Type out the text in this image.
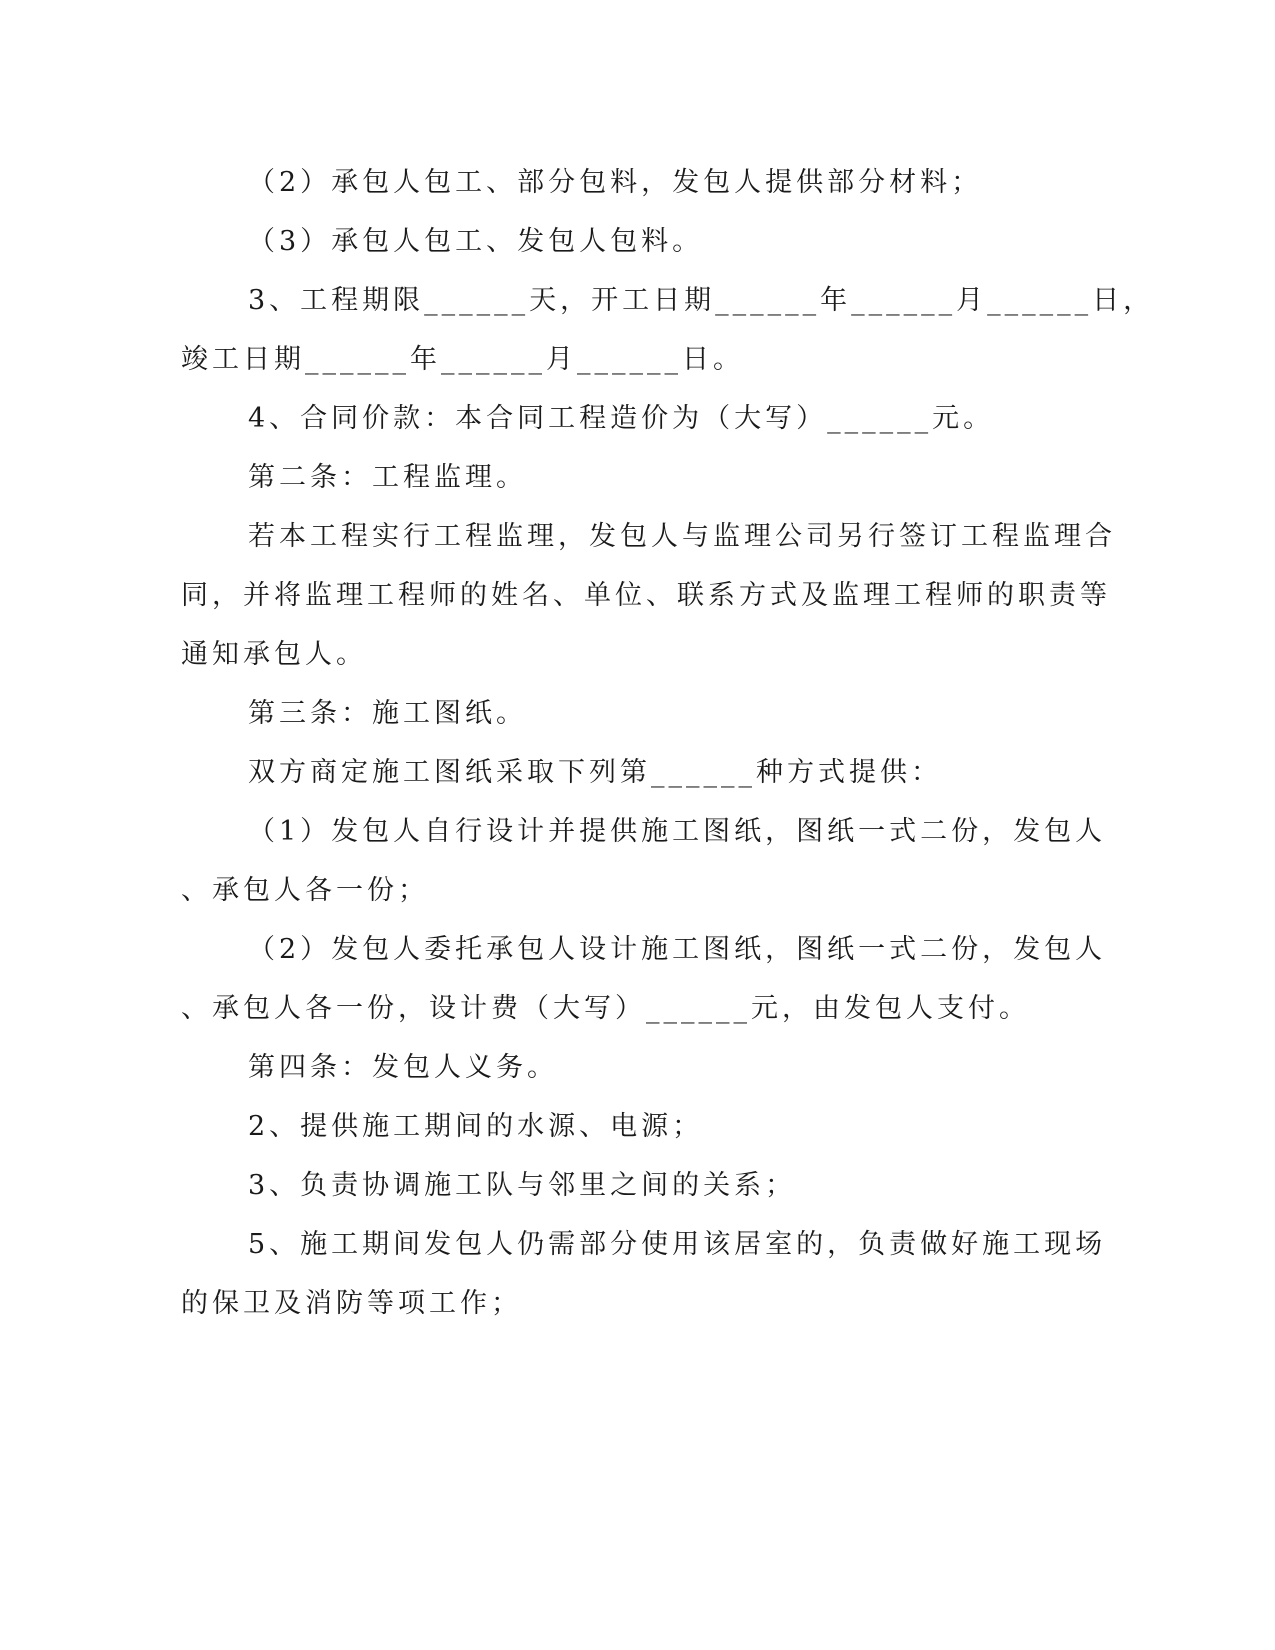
（2）承包人包工、部分包料，发包人提供部分材料；

（3）承包人包工、发包人包料。

3、工程期限______天，开工日期______年______月______日，

竣工日期______年______月______日。

4、合同价款：本合同工程造价为（大写）______元。

第二条：工程监理。

若本工程实行工程监理，发包人与监理公司另行签订工程监理合

同，并将监理工程师的姓名、单位、联系方式及监理工程师的职责等

通知承包人。

第三条：施工图纸。

双方商定施工图纸采取下列第______种方式提供：

（1）发包人自行设计并提供施工图纸，图纸一式二份，发包人

、承包人各一份；

（2）发包人委托承包人设计施工图纸，图纸一式二份，发包人

、承包人各一份，设计费（大写）______元，由发包人支付。

第四条：发包人义务。

2、提供施工期间的水源、电源；

3、负责协调施工队与邻里之间的关系；

5、施工期间发包人仍需部分使用该居室的，负责做好施工现场

的保卫及消防等项工作；
